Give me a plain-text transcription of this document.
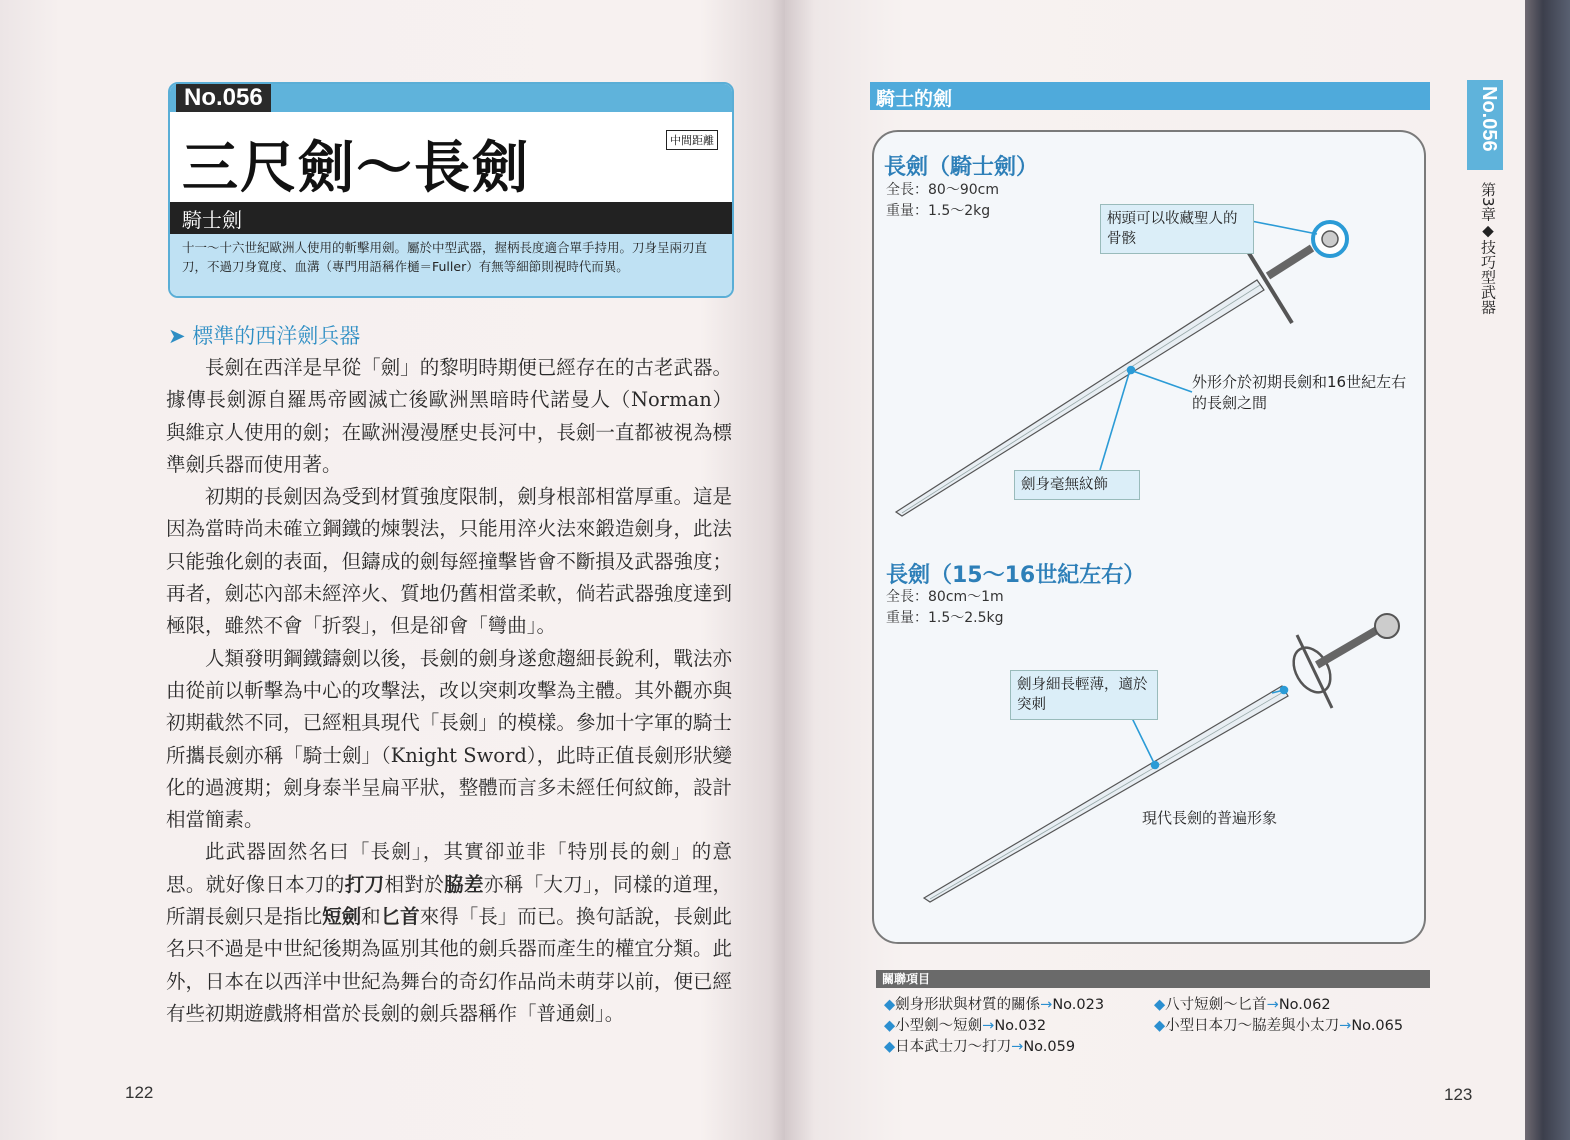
No.056
三尺劍～長劍	中間距離
騎士劍
十一～十六世紀歐洲人使用的斬擊用劍。屬於中型武器，握柄長度適合單手持用。刀身呈兩刃直刀，不過刀身寬度、血溝（專門用語稱作樋＝Fuller）有無等細節則視時代而異。
➤ 標準的西洋劍兵器

長劍在西洋是早從「劍」的黎明時期便已經存在的古老武器。據傳長劍源自羅馬帝國滅亡後歐洲黑暗時代諾曼人（Norman）與維京人使用的劍；在歐洲漫漫歷史長河中，長劍一直都被視為標準劍兵器而使用著。

初期的長劍因為受到材質強度限制，劍身根部相當厚重。這是因為當時尚未確立鋼鐵的煉製法，只能用淬火法來鍛造劍身，此法只能強化劍的表面，但鑄成的劍每經撞擊皆會不斷損及武器強度；再者，劍芯內部未經淬火、質地仍舊相當柔軟，倘若武器強度達到極限，雖然不會「折裂」，但是卻會「彎曲」。

人類發明鋼鐵鑄劍以後，長劍的劍身遂愈趨細長銳利，戰法亦由從前以斬擊為中心的攻擊法，改以突刺攻擊為主體。其外觀亦與初期截然不同，已經粗具現代「長劍」的模樣。參加十字軍的騎士所攜長劍亦稱「騎士劍」（Knight Sword），此時正值長劍形狀變化的過渡期；劍身泰半呈扁平狀，整體而言多未經任何紋飾，設計相當簡素。

此武器固然名曰「長劍」，其實卻並非「特別長的劍」的意思。就好像日本刀的打刀相對於脇差亦稱「大刀」，同樣的道理，所謂長劍只是指比短劍和匕首來得「長」而已。換句話說，長劍此名只不過是中世紀後期為區別其他的劍兵器而產生的權宜分類。此外，日本在以西洋中世紀為舞台的奇幻作品尚未萌芽以前，便已經有些初期遊戲將相當於長劍的劍兵器稱作「普通劍」。

122
騎士的劍
長劍（騎士劍）
全長：80～90cm
重量：1.5～2kg	柄頭可以收藏聖人的骨骸
外形介於初期長劍和16世紀左右的長劍之間
劍身毫無紋飾
長劍（15～16世紀左右）
全長：80cm～1m
重量：1.5～2.5kg
劍身細長輕薄，適於突刺
現代長劍的普遍形象
No.056
第3章◆技巧型武器
關聯項目
◆劍身形狀與材質的關係→No.023
◆小型劍～短劍→No.032
◆日本武士刀～打刀→No.059
◆八寸短劍～匕首→No.062
◆小型日本刀～脇差與小太刀→No.065
123
